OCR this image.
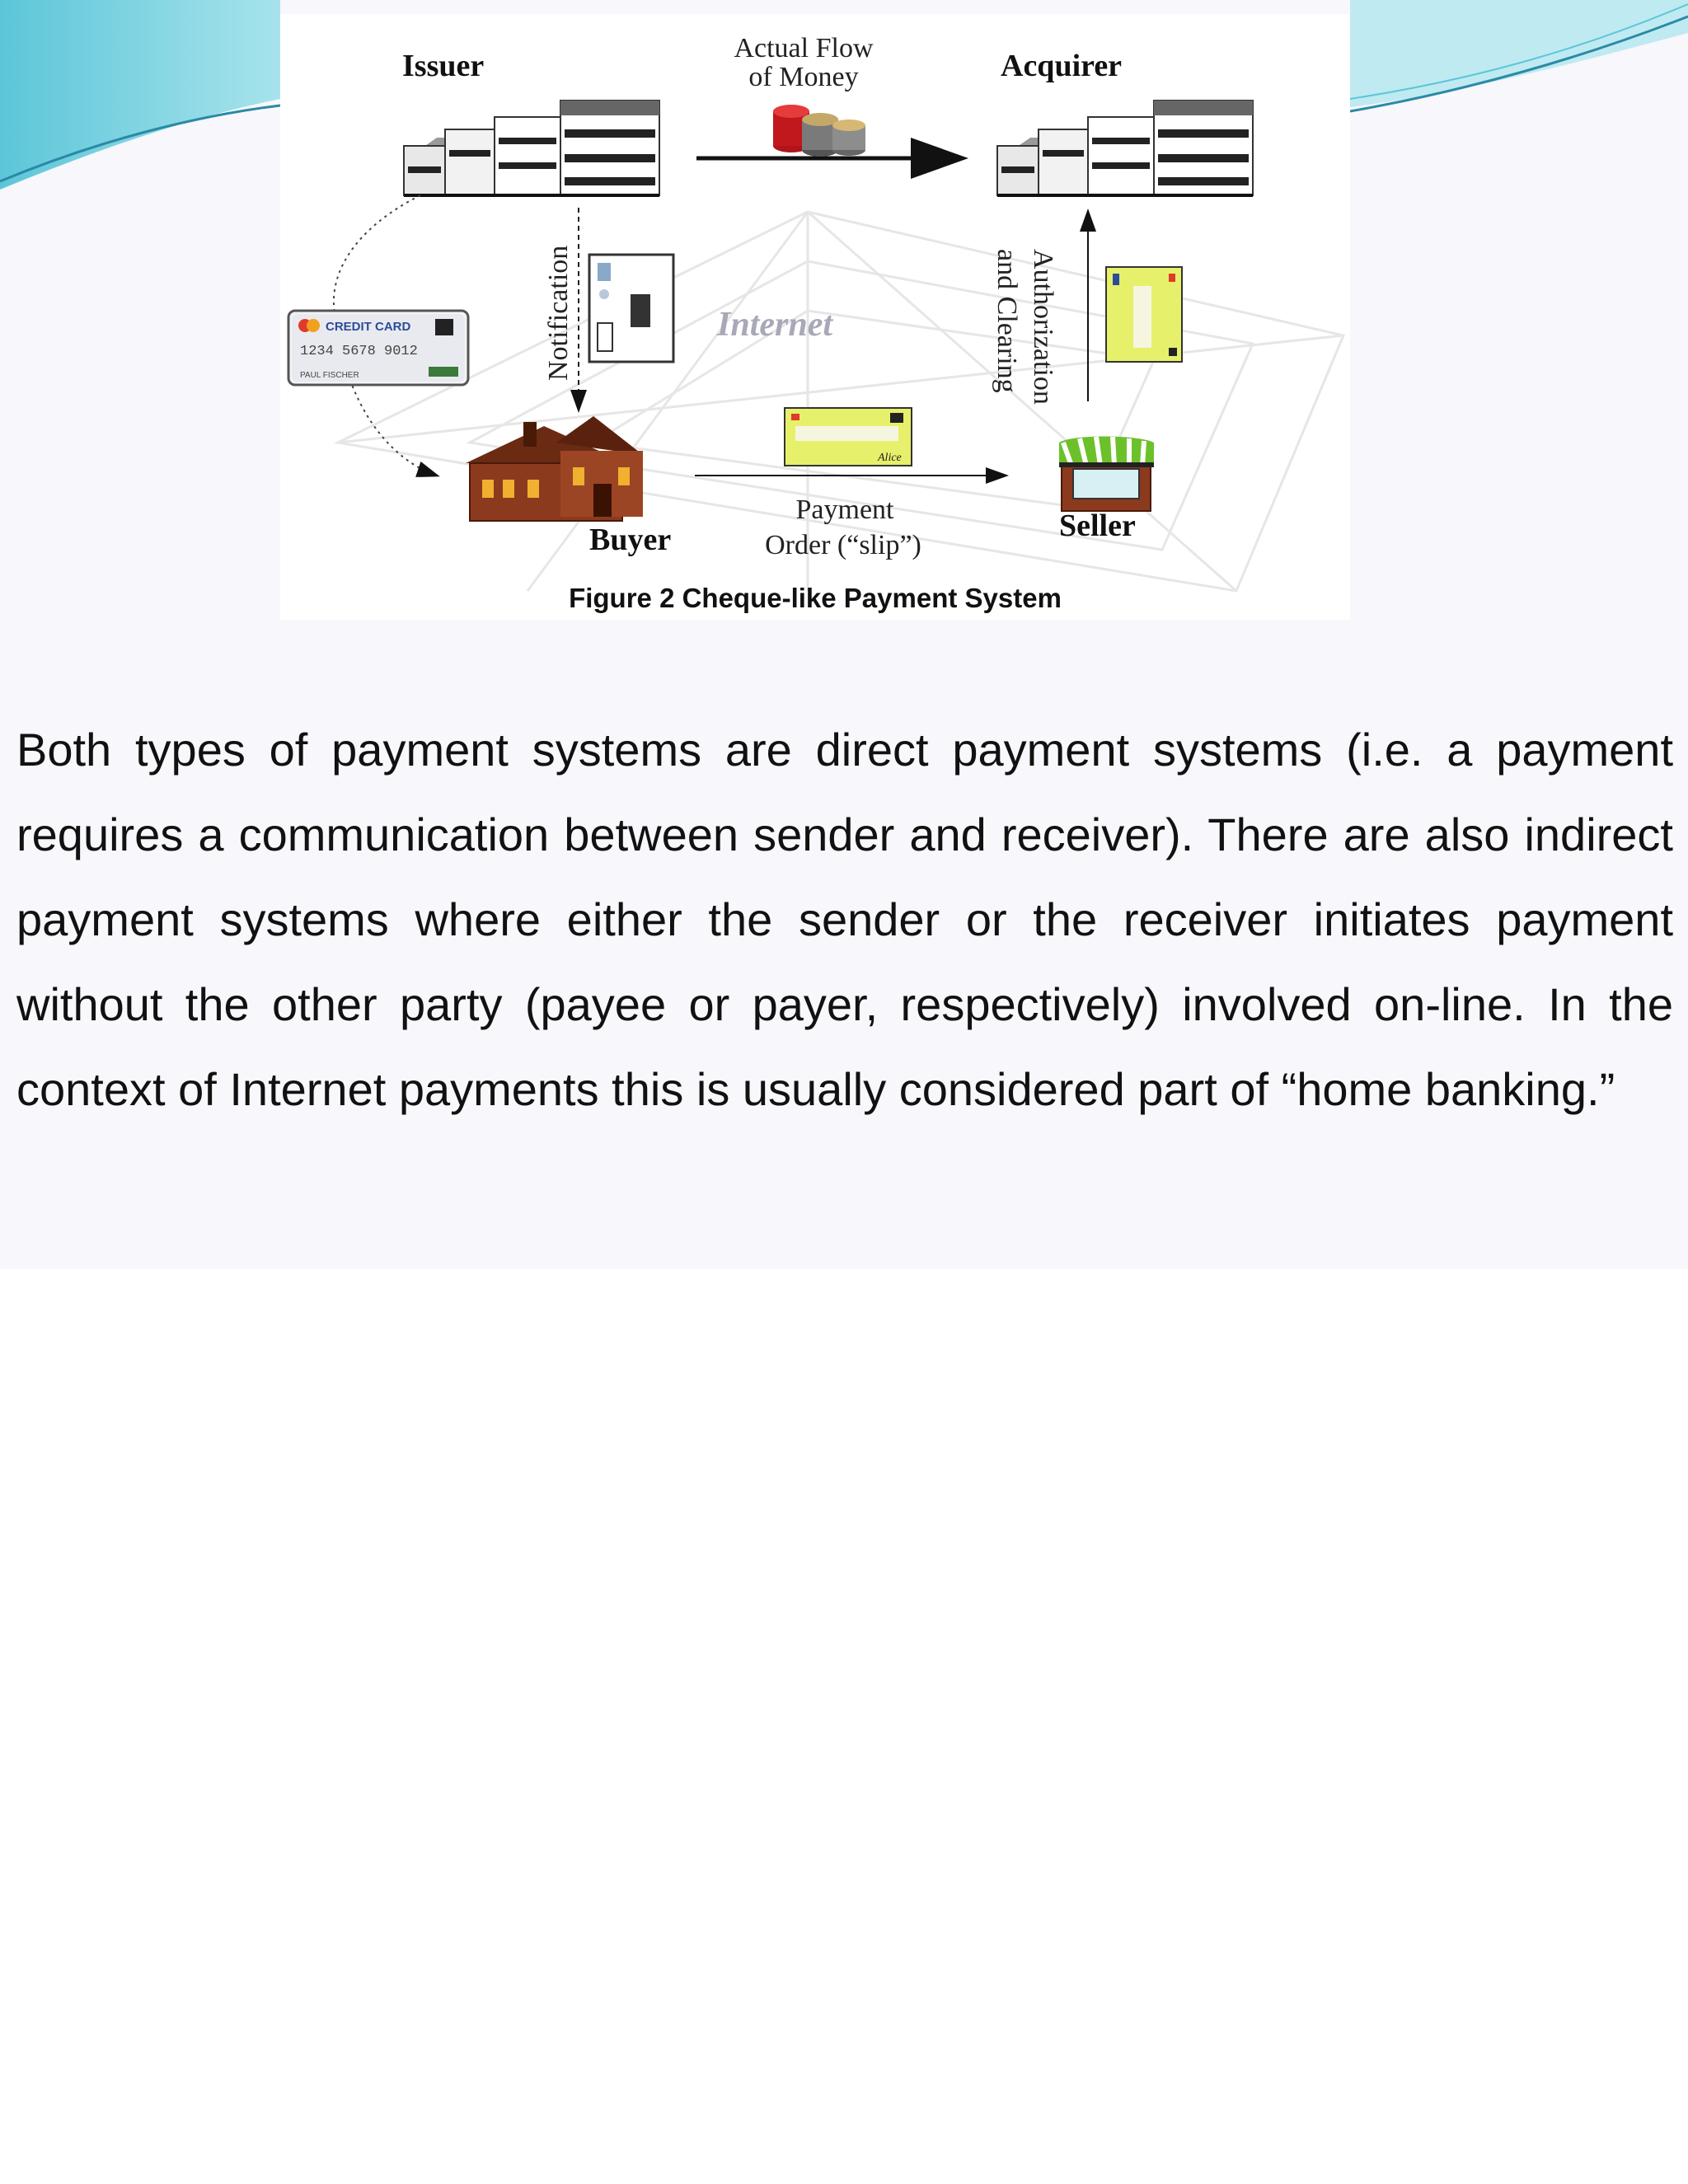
CREDIT CARD
1234 5678 9012
PAUL FISCHER	Notification	Internet
Alice
Payment
Order (“slip”)
Authorization
and Clearing
Issuer	Acquirer
Actual Flow
of Money
Buyer	Seller
Figure 2 Cheque-like Payment System
Both types of payment systems are direct payment systems (i.e. a payment requires a communication between sender and receiver). There are also indirect payment systems where either the sender or the receiver initiates payment without the other party (payee or payer, respectively) involved on-line. In the context of Internet payments this is usually considered part of “home banking.”
